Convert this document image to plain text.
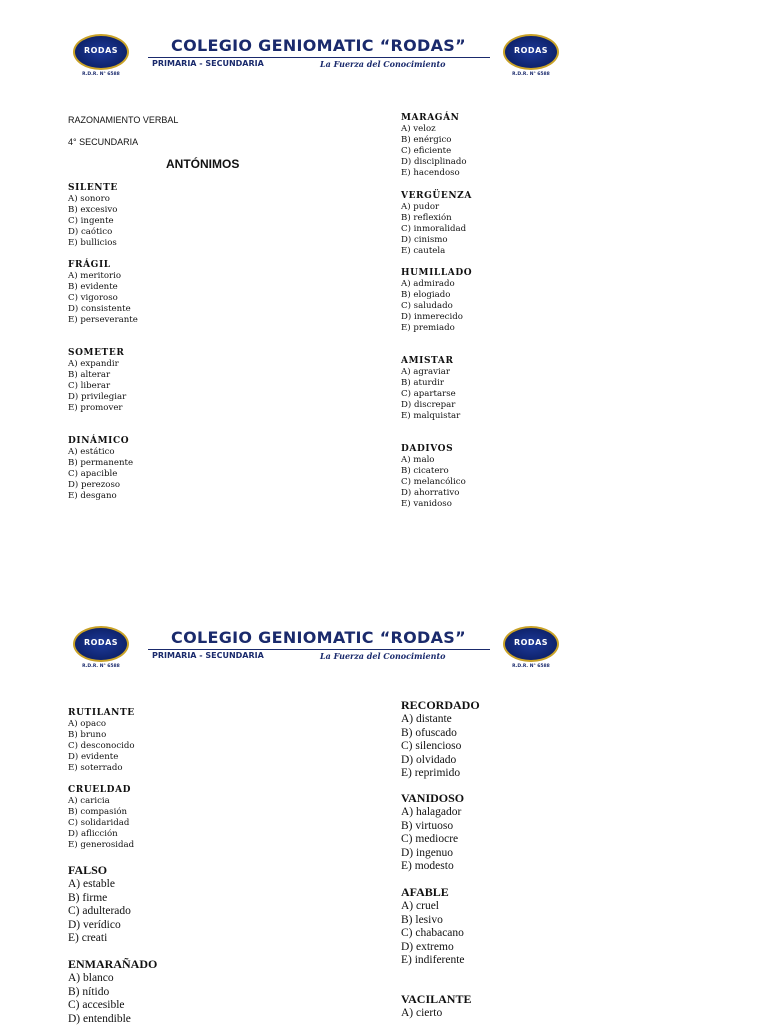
RODAS
R.D.R. N° 6588
COLEGIO GENIOMATIC “RODAS”
PRIMARIA - SECUNDARIA	La Fuerza del Conocimiento
RODAS
R.D.R. N° 6588
RAZONAMIENTO VERBAL
4° SECUNDARIA
ANTÓNIMOS
SILENTE
A) sonoro
B) excesivo
C) ingente
D) caótico
E) bullicios
FRÁGIL
A) meritorio
B) evidente
C) vigoroso
D) consistente
E) perseverante
SOMETER
A) expandir
B) alterar
C) liberar
D) privilegiar
E) promover
DINÁMICO
A) estático
B) permanente
C) apacible
D) perezoso
E) desgano
MARAGÁN
A) veloz
B) enérgico
C) eficiente
D) disciplinado
E) hacendoso
VERGÜENZA
A) pudor
B) reflexión
C) inmoralidad
D) cinismo
E) cautela
HUMILLADO
A) admirado
B) elogiado
C) saludado
D) inmerecido
E) premiado
AMISTAR
A) agraviar
B) aturdir
C) apartarse
D) discrepar
E) malquistar
DADIVOS
A) malo
B) cicatero
C) melancólico
D) ahorrativo
E) vanidoso
RODAS
R.D.R. N° 6588
COLEGIO GENIOMATIC “RODAS”
PRIMARIA - SECUNDARIA	La Fuerza del Conocimiento
RODAS
R.D.R. N° 6588
RUTILANTE
A) opaco
B) bruno
C) desconocido
D) evidente
E) soterrado
CRUELDAD
A) caricia
B) compasión
C) solidaridad
D) aflicción
E) generosidad
FALSO
A) estable
B) firme
C) adulterado
D) verídico
E) creati
ENMARAÑADO
A) blanco
B) nítido
C) accesible
D) entendible
RECORDADO
A) distante
B) ofuscado
C) silencioso
D) olvidado
E) reprimido
VANIDOSO
A) halagador
B) virtuoso
C) mediocre
D) ingenuo
E) modesto
AFABLE
A) cruel
B) lesivo
C) chabacano
D) extremo
E) indiferente
VACILANTE
A) cierto
